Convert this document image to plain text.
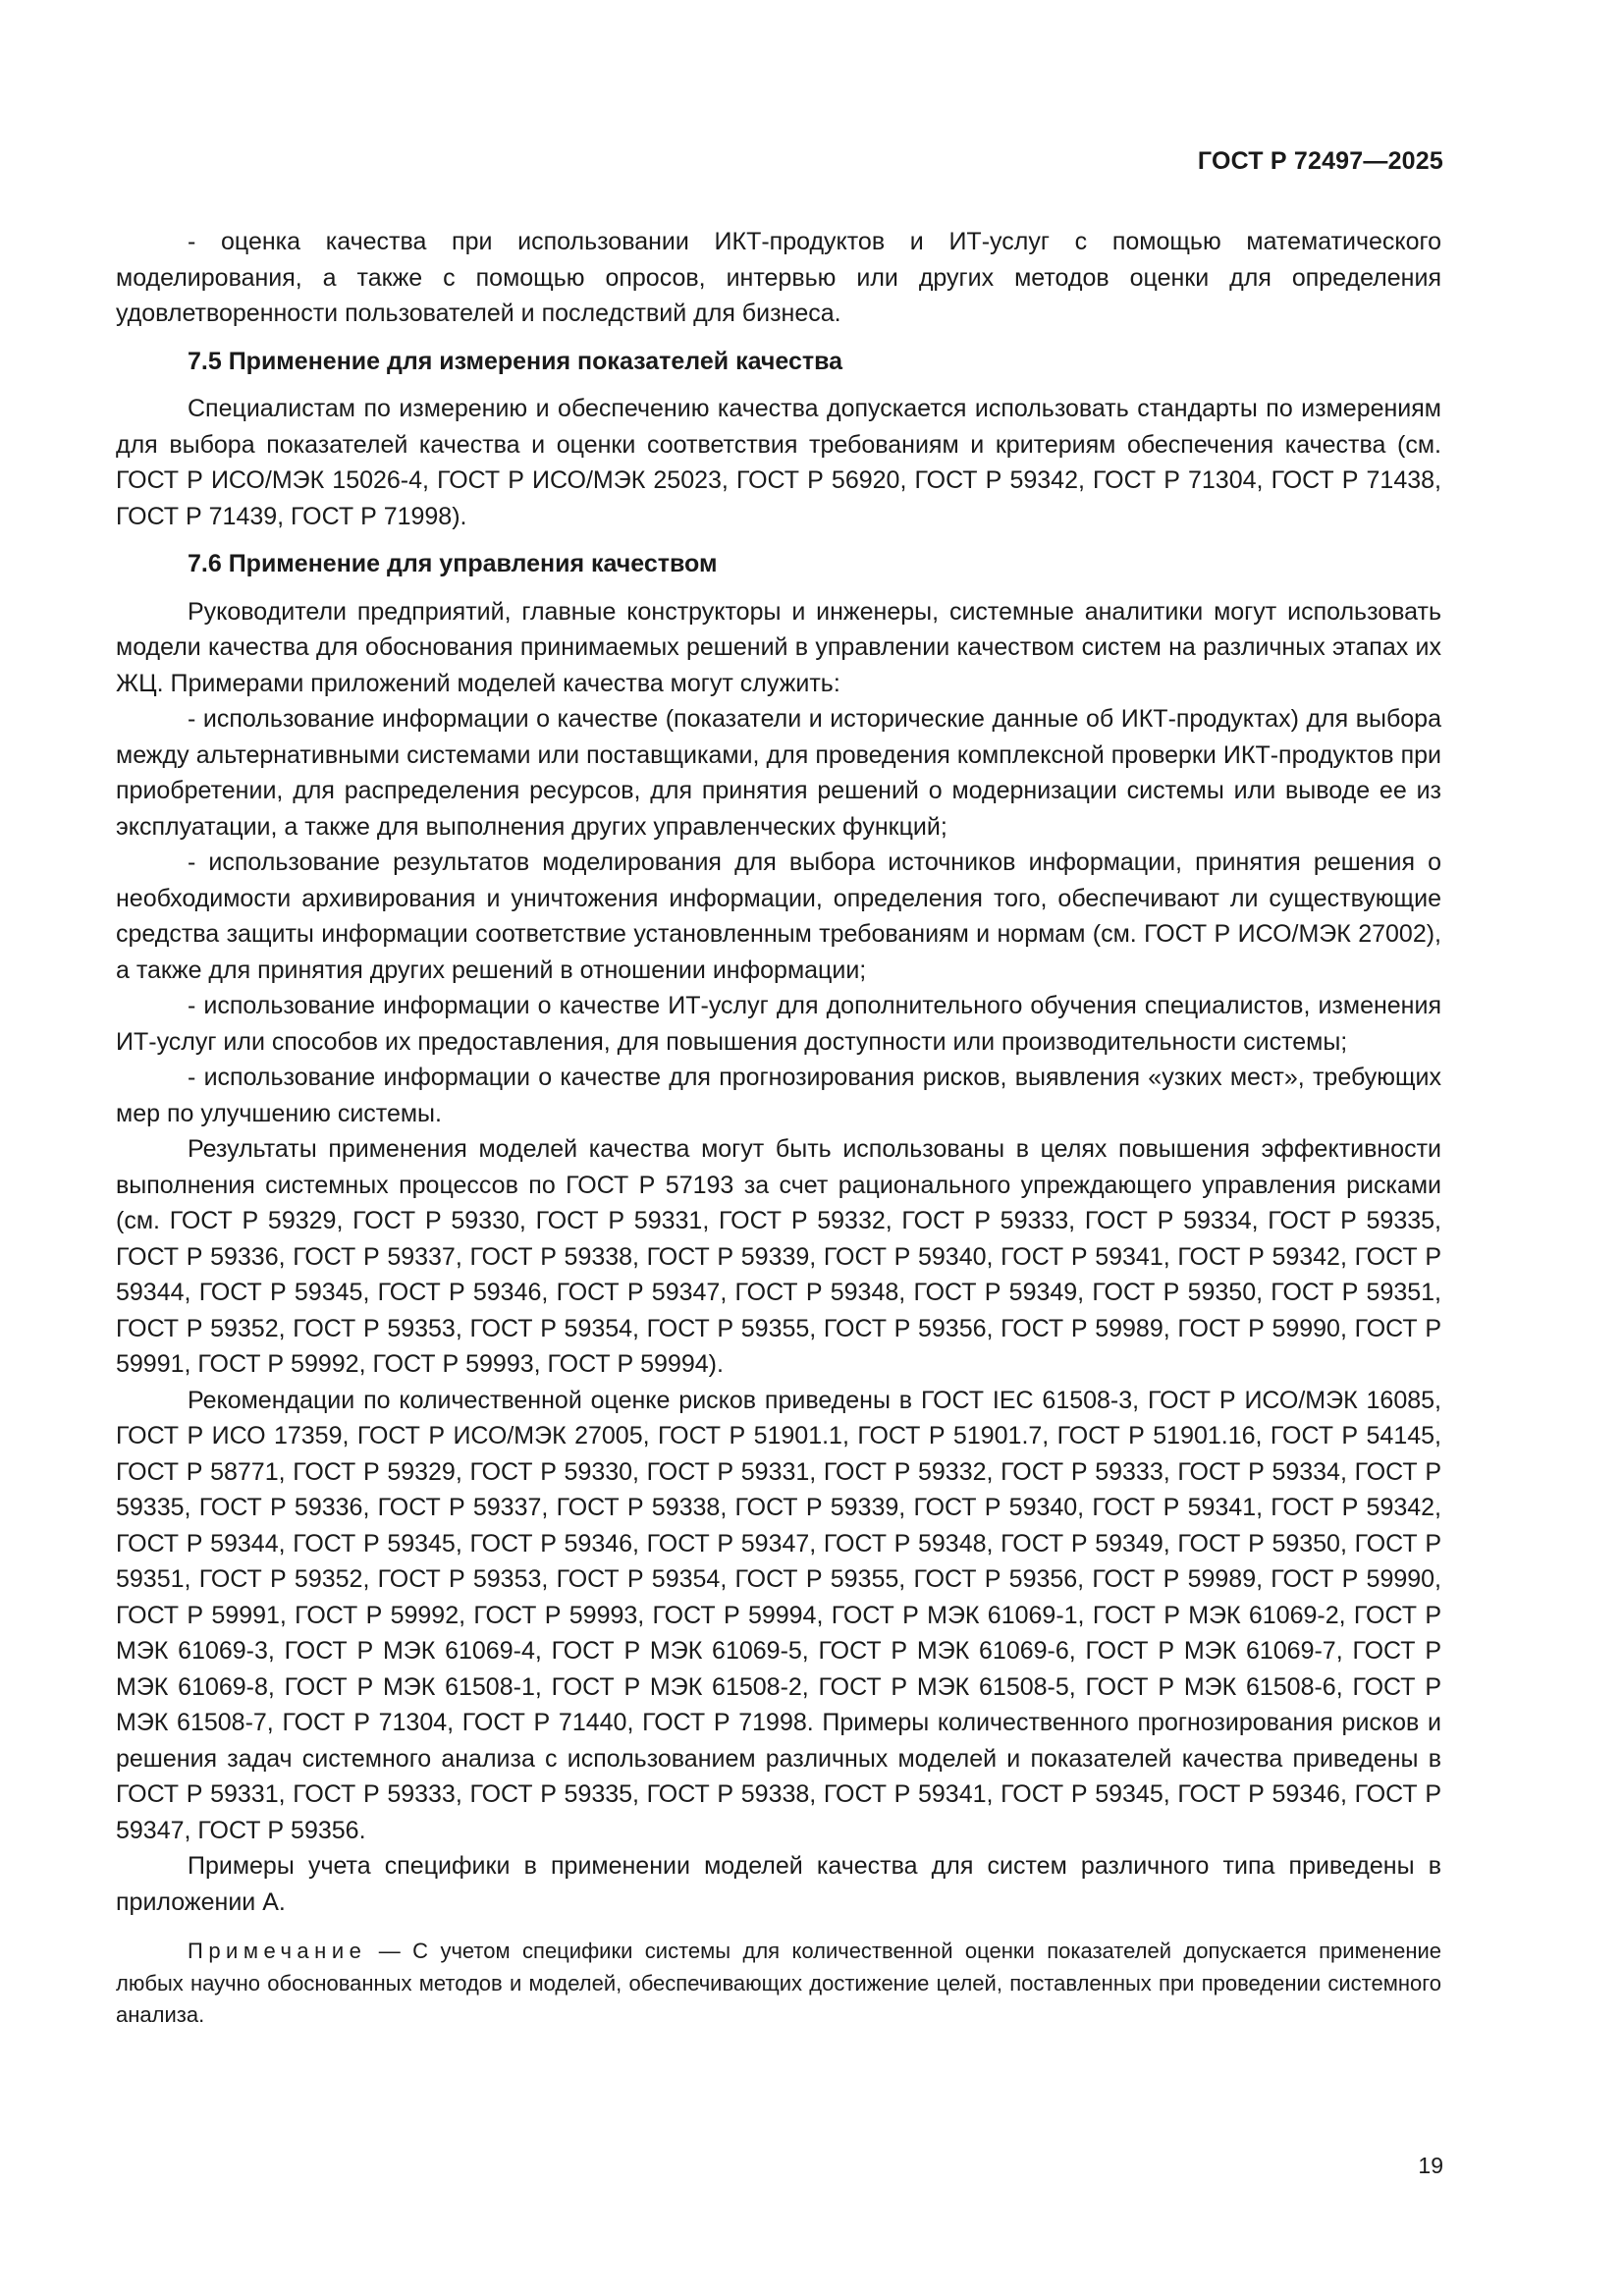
ГОСТ Р 72497—2025

- оценка качества при использовании ИКТ-продуктов и ИТ-услуг с помощью математического моделирования, а также с помощью опросов, интервью или других методов оценки для определения удовлетворенности пользователей и последствий для бизнеса.

7.5 Применение для измерения показателей качества

Специалистам по измерению и обеспечению качества допускается использовать стандарты по измерениям для выбора показателей качества и оценки соответствия требованиям и критериям обеспечения качества (см. ГОСТ Р ИСО/МЭК 15026-4, ГОСТ Р ИСО/МЭК 25023, ГОСТ Р 56920, ГОСТ Р 59342, ГОСТ Р 71304, ГОСТ Р 71438, ГОСТ Р 71439, ГОСТ Р 71998).

7.6 Применение для управления качеством

Руководители предприятий, главные конструкторы и инженеры, системные аналитики могут использовать модели качества для обоснования принимаемых решений в управлении качеством систем на различных этапах их ЖЦ. Примерами приложений моделей качества могут служить:

- использование информации о качестве (показатели и исторические данные об ИКТ-продуктах) для выбора между альтернативными системами или поставщиками, для проведения комплексной проверки ИКТ-продуктов при приобретении, для распределения ресурсов, для принятия решений о модернизации системы или выводе ее из эксплуатации, а также для выполнения других управленческих функций;

- использование результатов моделирования для выбора источников информации, принятия решения о необходимости архивирования и уничтожения информации, определения того, обеспечивают ли существующие средства защиты информации соответствие установленным требованиям и нормам (см. ГОСТ Р ИСО/МЭК 27002), а также для принятия других решений в отношении информации;

- использование информации о качестве ИТ-услуг для дополнительного обучения специалистов, изменения ИТ-услуг или способов их предоставления, для повышения доступности или производительности системы;

- использование информации о качестве для прогнозирования рисков, выявления «узких мест», требующих мер по улучшению системы.

Результаты применения моделей качества могут быть использованы в целях повышения эффективности выполнения системных процессов по ГОСТ Р 57193 за счет рационального упреждающего управления рисками (см. ГОСТ Р 59329, ГОСТ Р 59330, ГОСТ Р 59331, ГОСТ Р 59332, ГОСТ Р 59333, ГОСТ Р 59334, ГОСТ Р 59335, ГОСТ Р 59336, ГОСТ Р 59337, ГОСТ Р 59338, ГОСТ Р 59339, ГОСТ Р 59340, ГОСТ Р 59341, ГОСТ Р 59342, ГОСТ Р 59344, ГОСТ Р 59345, ГОСТ Р 59346, ГОСТ Р 59347, ГОСТ Р 59348, ГОСТ Р 59349, ГОСТ Р 59350, ГОСТ Р 59351, ГОСТ Р 59352, ГОСТ Р 59353, ГОСТ Р 59354, ГОСТ Р 59355, ГОСТ Р 59356, ГОСТ Р 59989, ГОСТ Р 59990, ГОСТ Р 59991, ГОСТ Р 59992, ГОСТ Р 59993, ГОСТ Р 59994).

Рекомендации по количественной оценке рисков приведены в ГОСТ IEC 61508-3, ГОСТ Р ИСО/МЭК 16085, ГОСТ Р ИСО 17359, ГОСТ Р ИСО/МЭК 27005, ГОСТ Р 51901.1, ГОСТ Р 51901.7, ГОСТ Р 51901.16, ГОСТ Р 54145, ГОСТ Р 58771, ГОСТ Р 59329, ГОСТ Р 59330, ГОСТ Р 59331, ГОСТ Р 59332, ГОСТ Р 59333, ГОСТ Р 59334, ГОСТ Р 59335, ГОСТ Р 59336, ГОСТ Р 59337, ГОСТ Р 59338, ГОСТ Р 59339, ГОСТ Р 59340, ГОСТ Р 59341, ГОСТ Р 59342, ГОСТ Р 59344, ГОСТ Р 59345, ГОСТ Р 59346, ГОСТ Р 59347, ГОСТ Р 59348, ГОСТ Р 59349, ГОСТ Р 59350, ГОСТ Р 59351, ГОСТ Р 59352, ГОСТ Р 59353, ГОСТ Р 59354, ГОСТ Р 59355, ГОСТ Р 59356, ГОСТ Р 59989, ГОСТ Р 59990, ГОСТ Р 59991, ГОСТ Р 59992, ГОСТ Р 59993, ГОСТ Р 59994, ГОСТ Р МЭК 61069-1, ГОСТ Р МЭК 61069-2, ГОСТ Р МЭК 61069-3, ГОСТ Р МЭК 61069-4, ГОСТ Р МЭК 61069-5, ГОСТ Р МЭК 61069-6, ГОСТ Р МЭК 61069-7, ГОСТ Р МЭК 61069-8, ГОСТ Р МЭК 61508-1, ГОСТ Р МЭК 61508-2, ГОСТ Р МЭК 61508-5, ГОСТ Р МЭК 61508-6, ГОСТ Р МЭК 61508-7, ГОСТ Р 71304, ГОСТ Р 71440, ГОСТ Р 71998. Примеры количественного прогнозирования рисков и решения задач системного анализа с использованием различных моделей и показателей качества приведены в ГОСТ Р 59331, ГОСТ Р 59333, ГОСТ Р 59335, ГОСТ Р 59338, ГОСТ Р 59341, ГОСТ Р 59345, ГОСТ Р 59346, ГОСТ Р 59347, ГОСТ Р 59356.

Примеры учета специфики в применении моделей качества для систем различного типа приведены в приложении А.

Примечание — С учетом специфики системы для количественной оценки показателей допускается применение любых научно обоснованных методов и моделей, обеспечивающих достижение целей, поставленных при проведении системного анализа.

19
